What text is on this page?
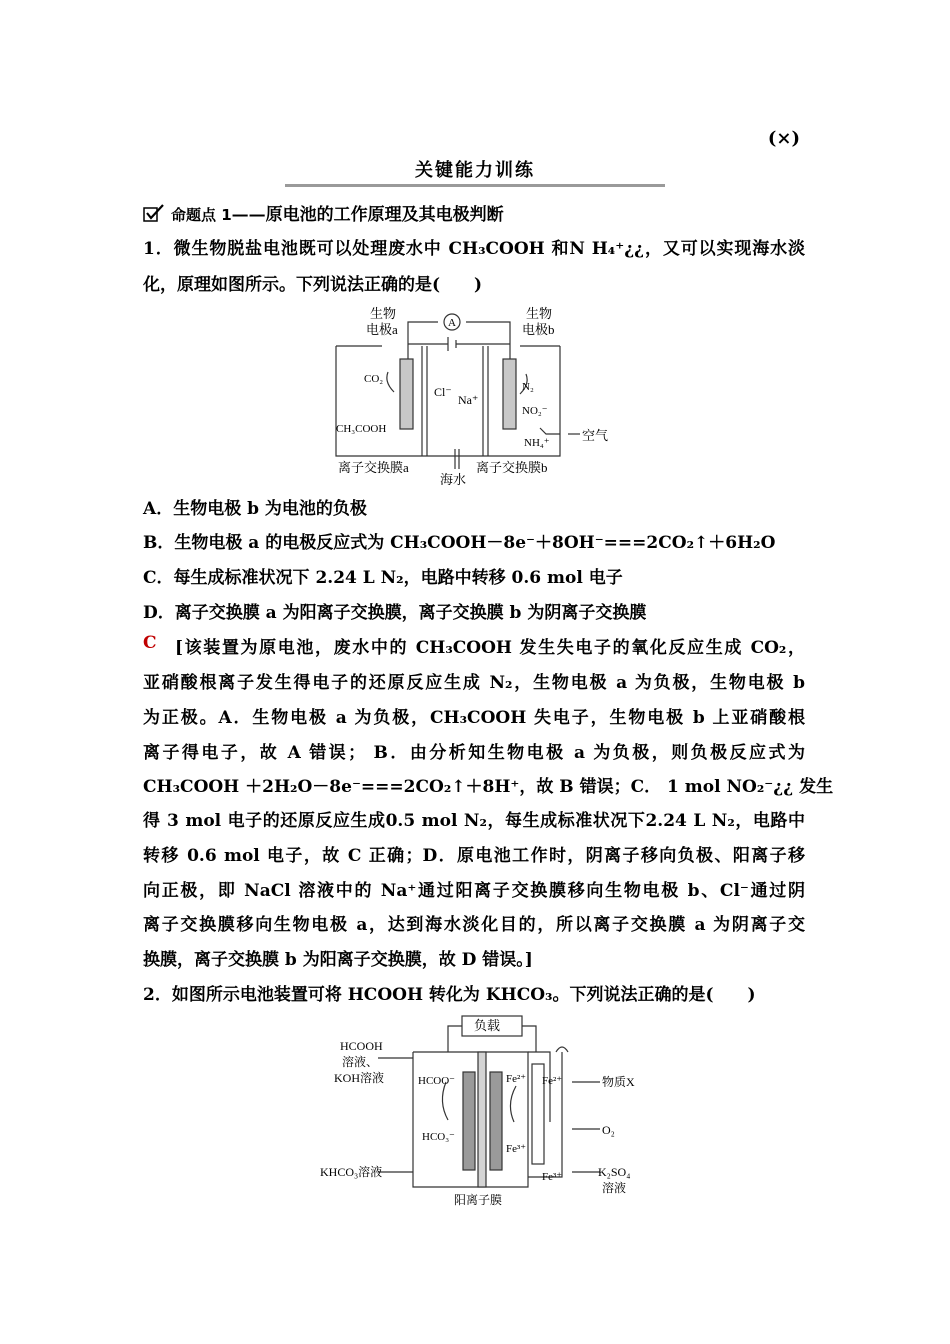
(×)
关键能力训练
命题点 1——原电池的工作原理及其电极判断
1．微生物脱盐电池既可以处理废水中 CH₃COOH 和N H₄⁺¿¿，又可以实现海水淡
化，原理如图所示。下列说法正确的是(　　)
生物
电极a
生物
电极b
A
CO₂
CH₃COOH
Cl⁻
Na⁺
N₂
NO₂⁻
NH₄⁺ 空气
离子交换膜a
海水
离子交换膜b
A．生物电极 b 为电池的负极
B．生物电极 a 的电极反应式为 CH₃COOH－8e⁻＋8OH⁻===2CO₂↑＋6H₂O
C．每生成标准状况下 2.24 L N₂，电路中转移 0.6 mol 电子
D．离子交换膜 a 为阳离子交换膜，离子交换膜 b 为阴离子交换膜
C [该装置为原电池，废水中的 CH₃COOH 发生失电子的氧化反应生成 CO₂，
亚硝酸根离子发生得电子的还原反应生成 N₂，生物电极 a 为负极，生物电极 b
为正极。A．生物电极 a 为负极，CH₃COOH 失电子，生物电极 b 上亚硝酸根
离子得电子，故 A 错误； B．由分析知生物电极 a 为负极，则负极反应式为
CH₃COOH ＋2H₂O－8e⁻===2CO₂↑＋8H⁺，故 B 错误；C． 1 mol NO₂⁻¿¿ 发生
得 3 mol 电子的还原反应生成0.5 mol N₂，每生成标准状况下2.24 L N₂，电路中
转移 0.6 mol 电子，故 C 正确；D．原电池工作时，阴离子移向负极、阳离子移
向正极，即 NaCl 溶液中的 Na⁺通过阳离子交换膜移向生物电极 b、Cl⁻通过阴
离子交换膜移向生物电极 a，达到海水淡化目的，所以离子交换膜 a 为阴离子交
换膜，离子交换膜 b 为阳离子交换膜，故 D 错误。]
2．如图所示电池装置可将 HCOOH 转化为 KHCO₃。下列说法正确的是(　　)
负载
HCOOH
溶液、
KOH溶液	HCOO⁻
HCO₃⁻
Fe²⁺
Fe³⁺
Fe²⁺
Fe³⁺
物质X
O₂
KHCO₃溶液	K₂SO₄
溶液
阳离子膜
